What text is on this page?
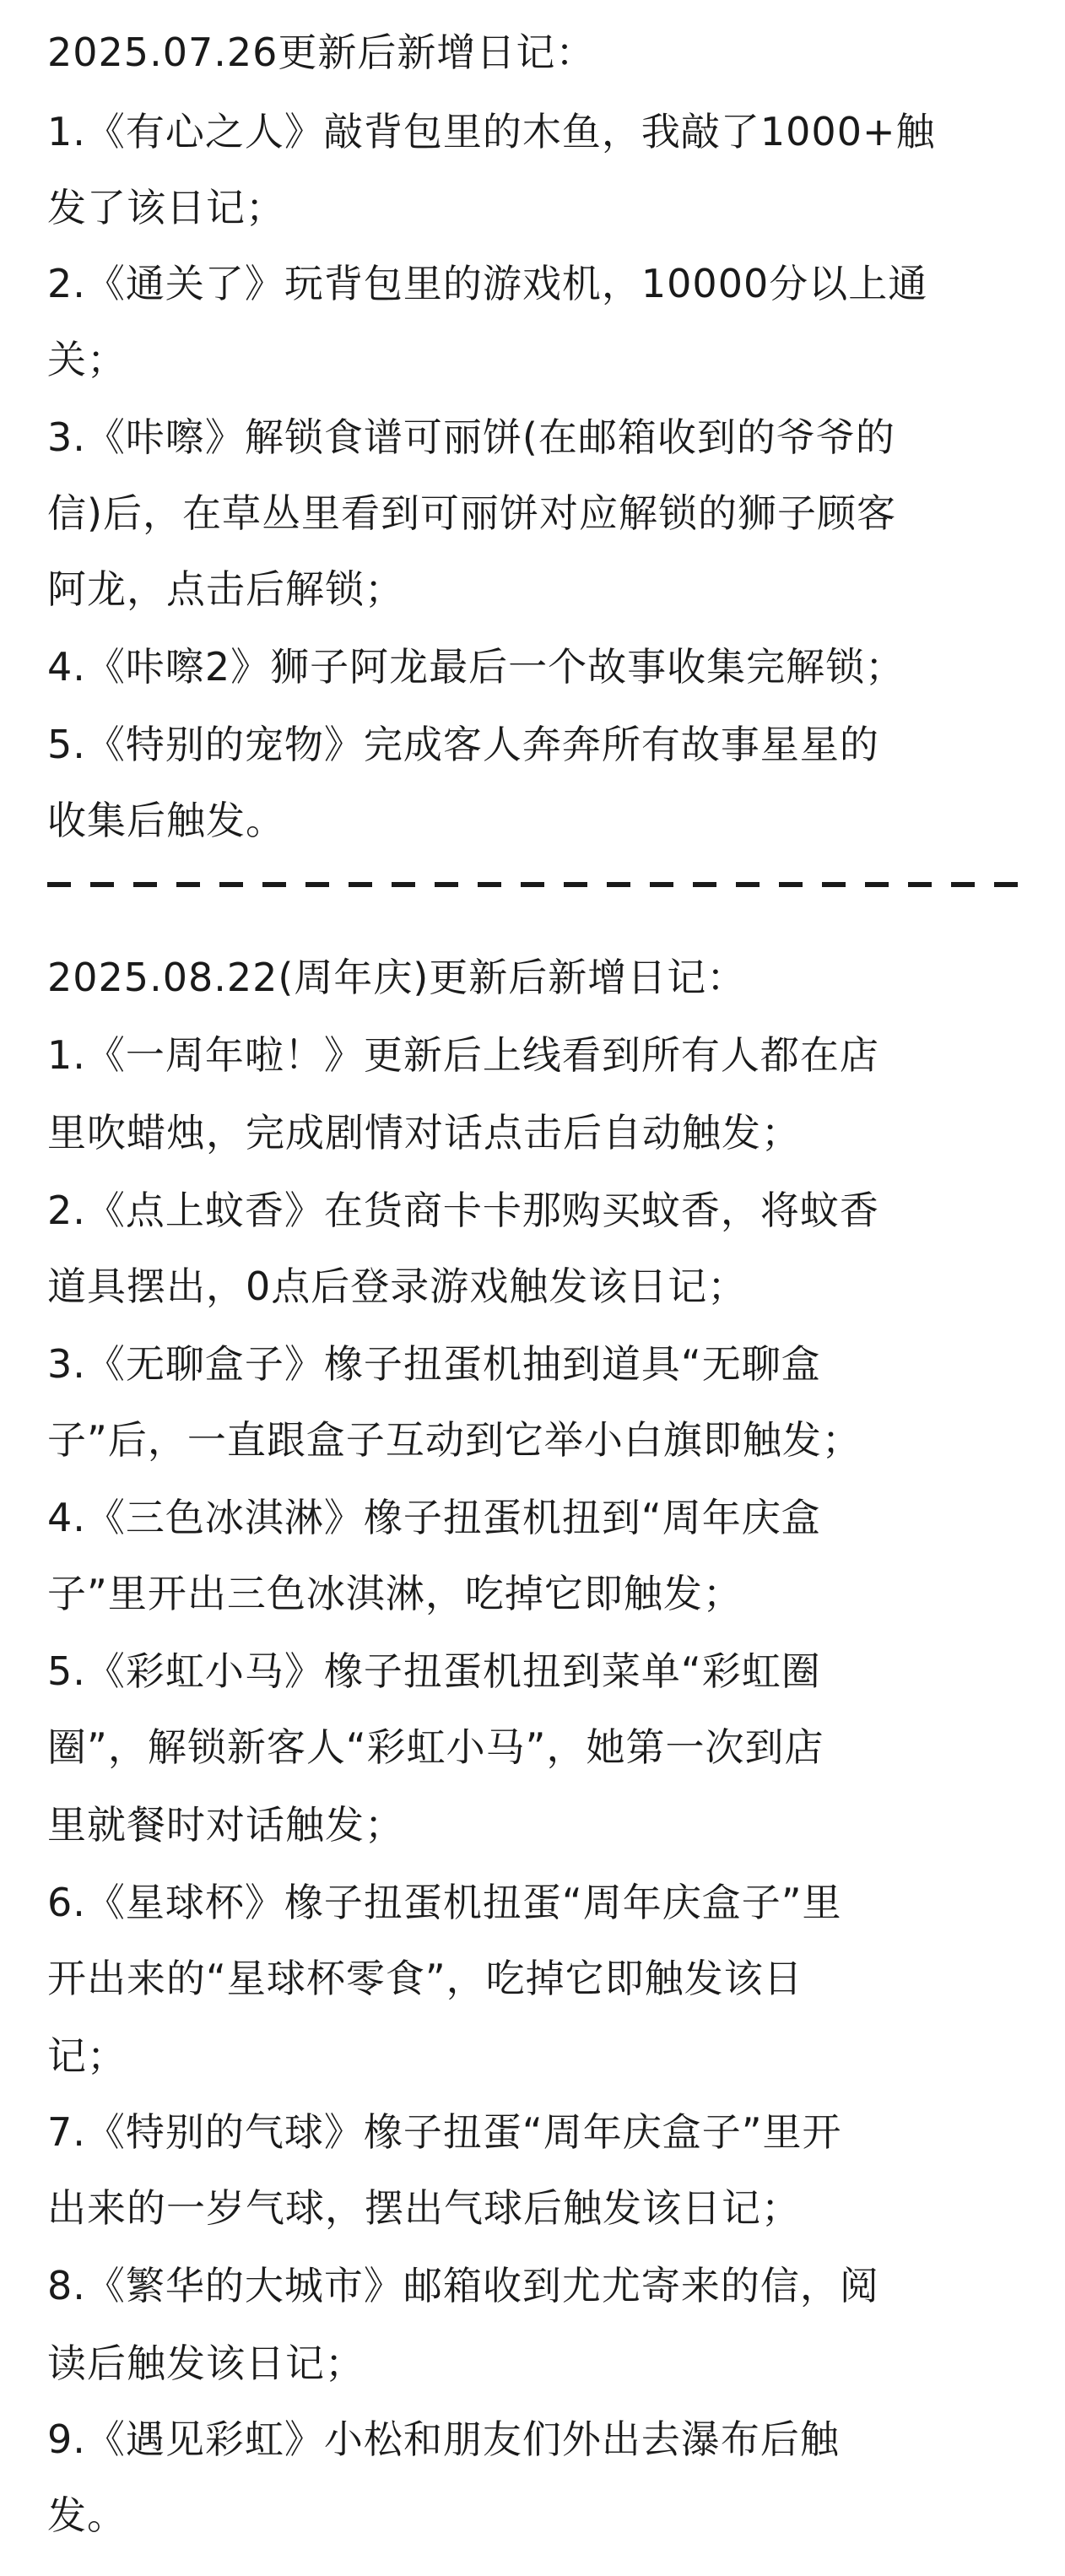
2025.07.26更新后新增日记：
1.《有心之人》敲背包里的木鱼，我敲了1000+触
发了该日记；
2.《通关了》玩背包里的游戏机，10000分以上通
关；
3.《咔嚓》解锁食谱可丽饼(在邮箱收到的爷爷的
信)后，在草丛里看到可丽饼对应解锁的狮子顾客
阿龙，点击后解锁；
4.《咔嚓2》狮子阿龙最后一个故事收集完解锁；
5.《特别的宠物》完成客人奔奔所有故事星星的
收集后触发。
2025.08.22(周年庆)更新后新增日记：
1.《一周年啦！》更新后上线看到所有人都在店
里吹蜡烛，完成剧情对话点击后自动触发；
2.《点上蚊香》在货商卡卡那购买蚊香，将蚊香
道具摆出，0点后登录游戏触发该日记；
3.《无聊盒子》橡子扭蛋机抽到道具“无聊盒
子”后，一直跟盒子互动到它举小白旗即触发；
4.《三色冰淇淋》橡子扭蛋机扭到“周年庆盒
子”里开出三色冰淇淋，吃掉它即触发；
5.《彩虹小马》橡子扭蛋机扭到菜单“彩虹圈
圈”，解锁新客人“彩虹小马”，她第一次到店
里就餐时对话触发；
6.《星球杯》橡子扭蛋机扭蛋“周年庆盒子”里
开出来的“星球杯零食”，吃掉它即触发该日
记；
7.《特别的气球》橡子扭蛋“周年庆盒子”里开
出来的一岁气球，摆出气球后触发该日记；
8.《繁华的大城市》邮箱收到尤尤寄来的信，阅
读后触发该日记；
9.《遇见彩虹》小松和朋友们外出去瀑布后触
发。
